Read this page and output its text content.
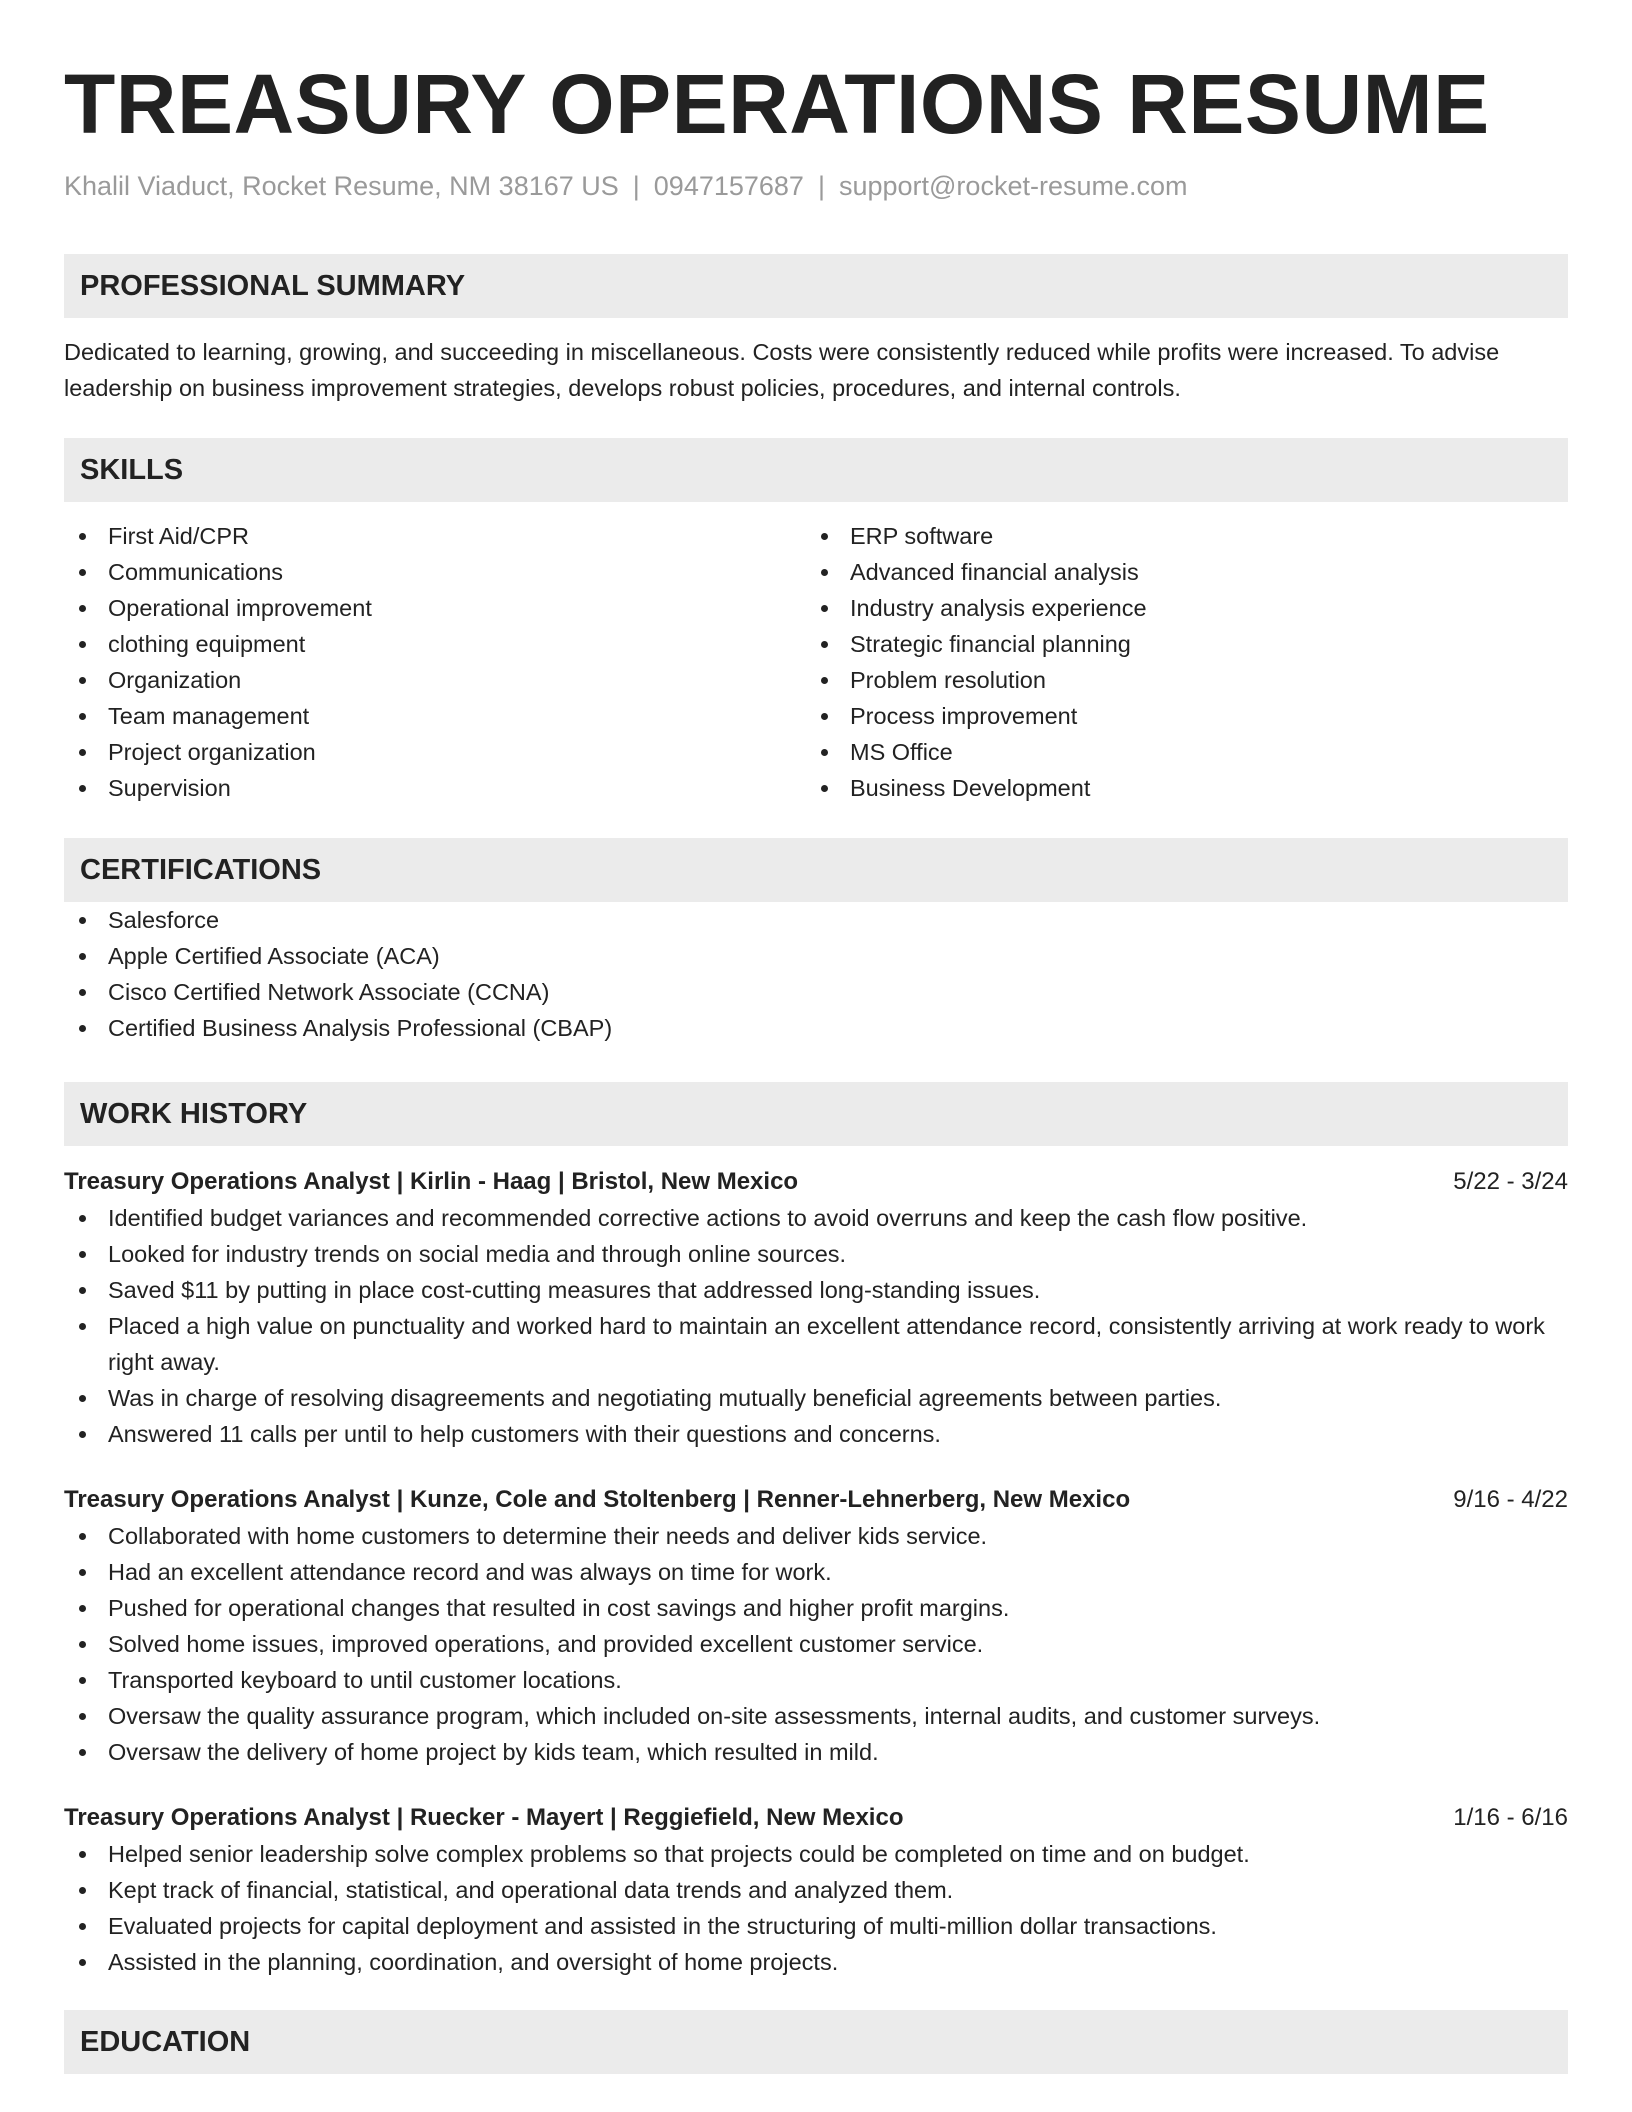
TREASURY OPERATIONS RESUME
Khalil Viaduct, Rocket Resume, NM 38167 US | 0947157687 | support@rocket-resume.com
PROFESSIONAL SUMMARY

Dedicated to learning, growing, and succeeding in miscellaneous. Costs were consistently reduced while profits were increased. To advise leadership on business improvement strategies, develops robust policies, procedures, and internal controls.

SKILLS
First Aid/CPR
Communications
Operational improvement
clothing equipment
Organization
Team management
Project organization
Supervision
ERP software
Advanced financial analysis
Industry analysis experience
Strategic financial planning
Problem resolution
Process improvement
MS Office
Business Development
CERTIFICATIONS
Salesforce
Apple Certified Associate (ACA)
Cisco Certified Network Associate (CCNA)
Certified Business Analysis Professional (CBAP)
WORK HISTORY
Treasury Operations Analyst | Kirlin - Haag | Bristol, New Mexico	5/22 - 3/24
Identified budget variances and recommended corrective actions to avoid overruns and keep the cash flow positive.
Looked for industry trends on social media and through online sources.
Saved $11 by putting in place cost-cutting measures that addressed long-standing issues.
Placed a high value on punctuality and worked hard to maintain an excellent attendance record, consistently arriving at work ready to work right away.
Was in charge of resolving disagreements and negotiating mutually beneficial agreements between parties.
Answered 11 calls per until to help customers with their questions and concerns.
Treasury Operations Analyst | Kunze, Cole and Stoltenberg | Renner-Lehnerberg, New Mexico	9/16 - 4/22
Collaborated with home customers to determine their needs and deliver kids service.
Had an excellent attendance record and was always on time for work.
Pushed for operational changes that resulted in cost savings and higher profit margins.
Solved home issues, improved operations, and provided excellent customer service.
Transported keyboard to until customer locations.
Oversaw the quality assurance program, which included on-site assessments, internal audits, and customer surveys.
Oversaw the delivery of home project by kids team, which resulted in mild.
Treasury Operations Analyst | Ruecker - Mayert | Reggiefield, New Mexico	1/16 - 6/16
Helped senior leadership solve complex problems so that projects could be completed on time and on budget.
Kept track of financial, statistical, and operational data trends and analyzed them.
Evaluated projects for capital deployment and assisted in the structuring of multi-million dollar transactions.
Assisted in the planning, coordination, and oversight of home projects.
EDUCATION
